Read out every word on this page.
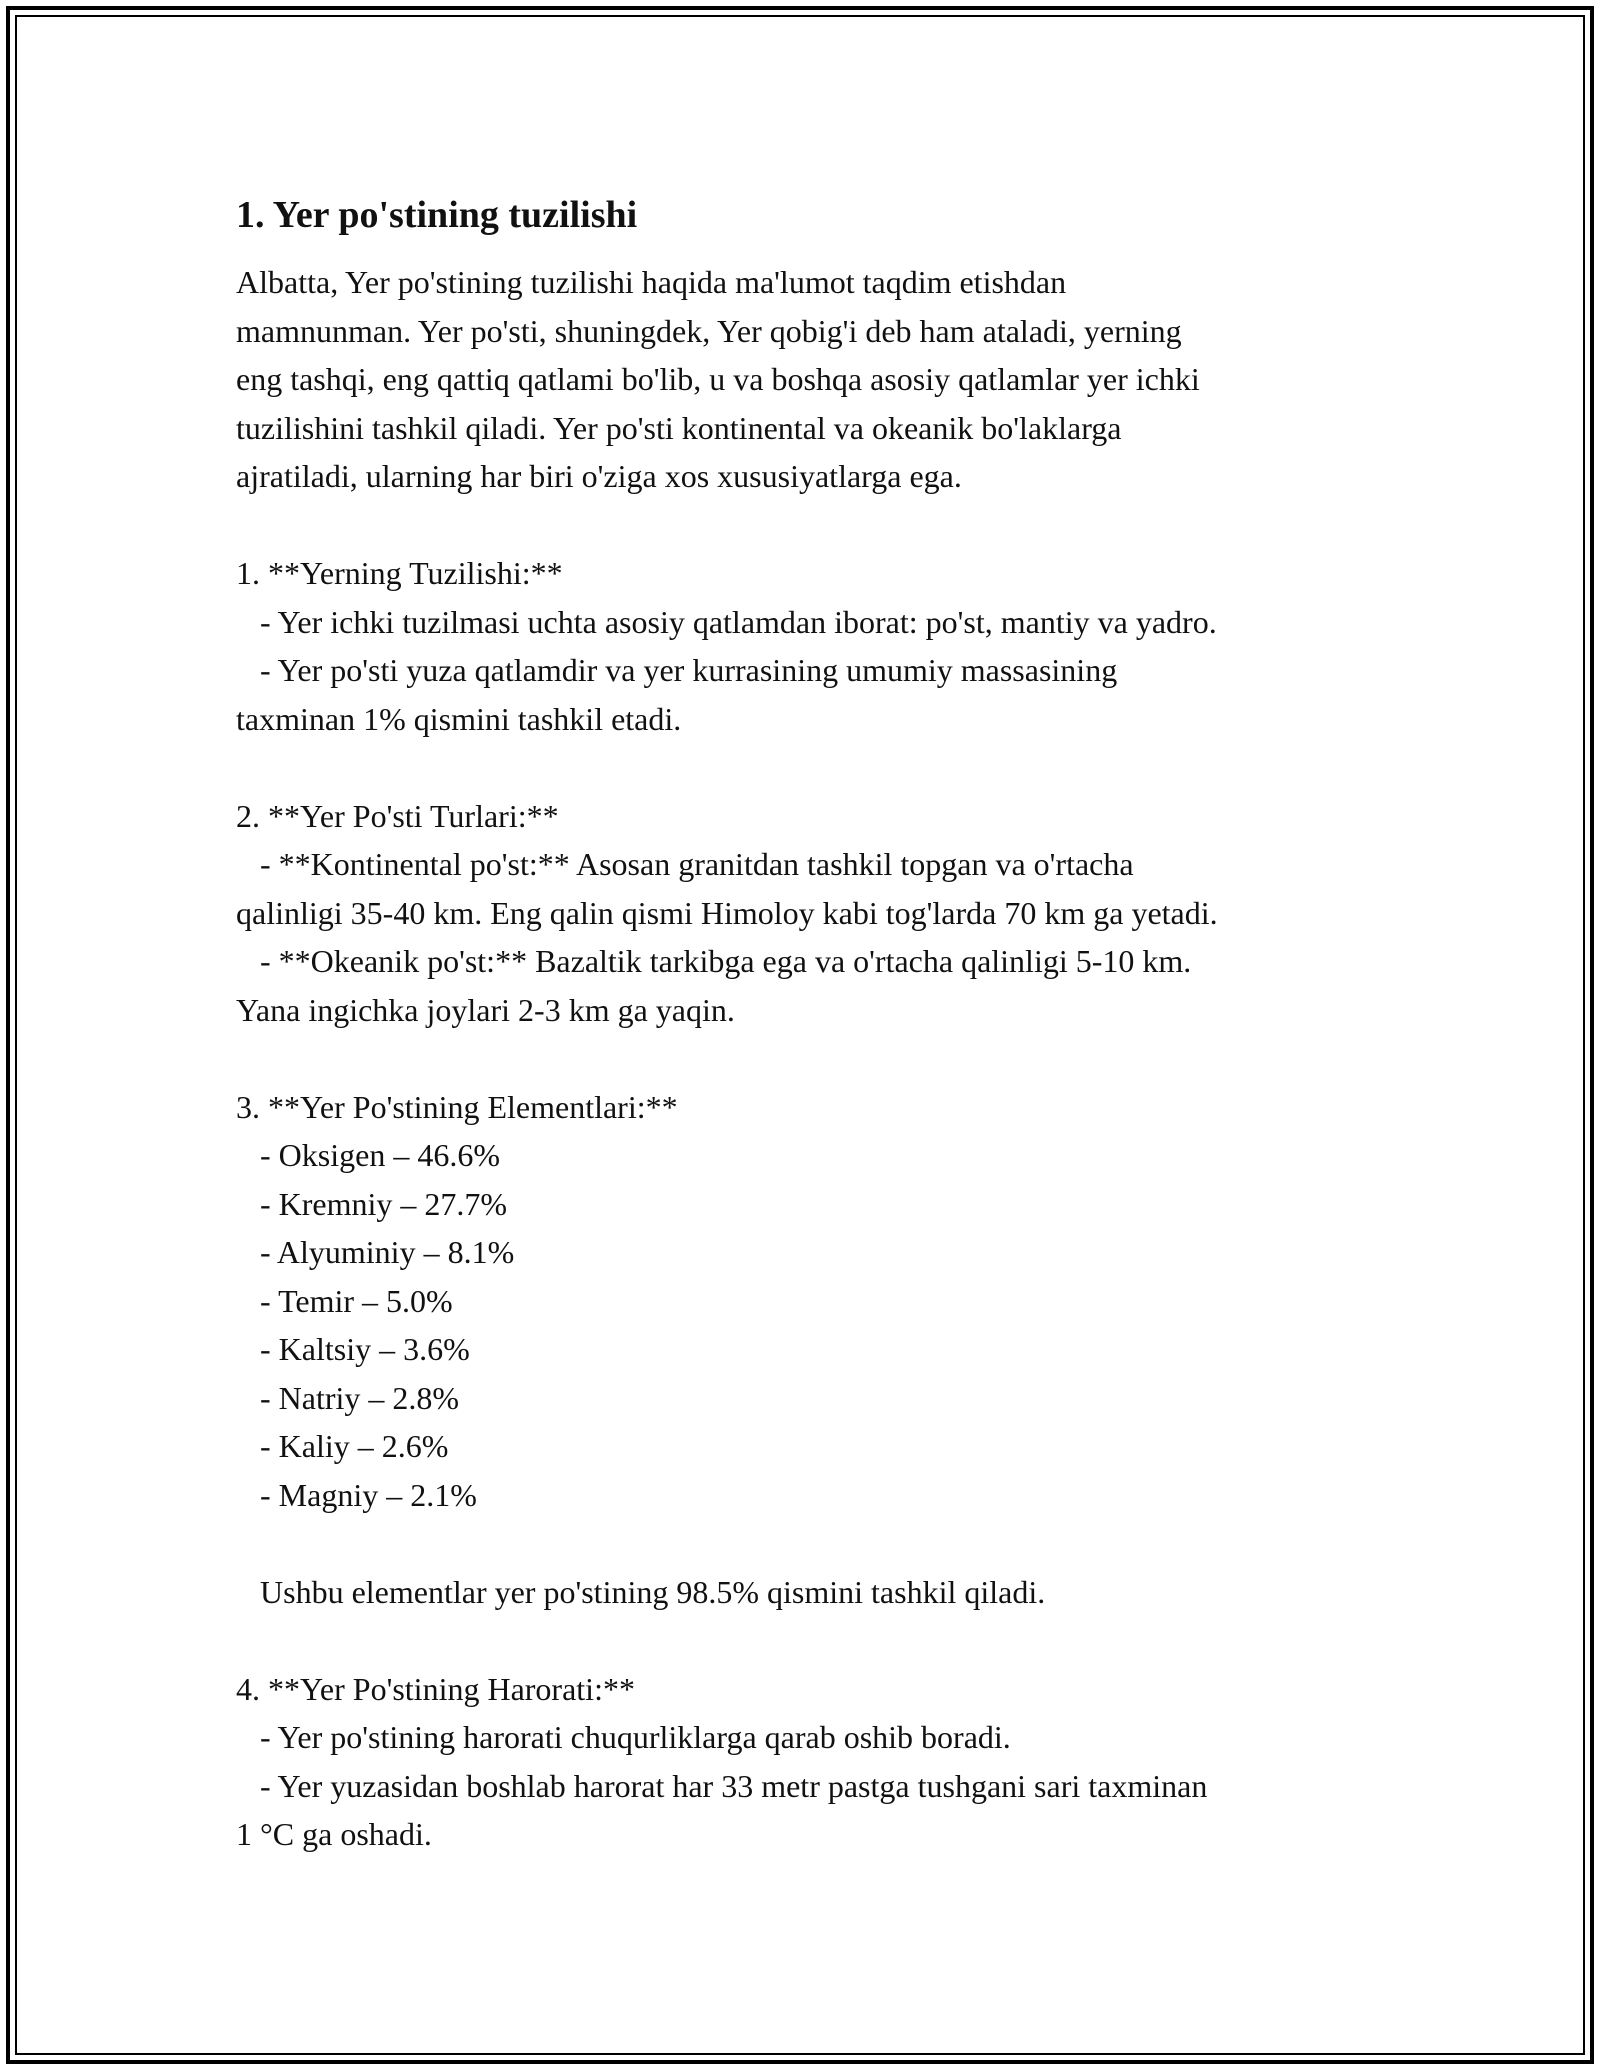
1. Yer po'stining tuzilishi

Albatta, Yer po'stining tuzilishi haqida ma'lumot taqdim etishdan

mamnunman. Yer po'sti, shuningdek, Yer qobig'i deb ham ataladi, yerning

eng tashqi, eng qattiq qatlami bo'lib, u va boshqa asosiy qatlamlar yer ichki

tuzilishini tashkil qiladi. Yer po'sti kontinental va okeanik bo'laklarga

ajratiladi, ularning har biri o'ziga xos xususiyatlarga ega.

1. **Yerning Tuzilishi:**

- Yer ichki tuzilmasi uchta asosiy qatlamdan iborat: po'st, mantiy va yadro.

- Yer po'sti yuza qatlamdir va yer kurrasining umumiy massasining

taxminan 1% qismini tashkil etadi.

2. **Yer Po'sti Turlari:**

- **Kontinental po'st:** Asosan granitdan tashkil topgan va o'rtacha

qalinligi 35-40 km. Eng qalin qismi Himoloy kabi tog'larda 70 km ga yetadi.

- **Okeanik po'st:** Bazaltik tarkibga ega va o'rtacha qalinligi 5-10 km.

Yana ingichka joylari 2-3 km ga yaqin.

3. **Yer Po'stining Elementlari:**

- Oksigen – 46.6%

- Kremniy – 27.7%

- Alyuminiy – 8.1%

- Temir – 5.0%

- Kaltsiy – 3.6%

- Natriy – 2.8%

- Kaliy – 2.6%

- Magniy – 2.1%

Ushbu elementlar yer po'stining 98.5% qismini tashkil qiladi.

4. **Yer Po'stining Harorati:**

- Yer po'stining harorati chuqurliklarga qarab oshib boradi.

- Yer yuzasidan boshlab harorat har 33 metr pastga tushgani sari taxminan

1 °C ga oshadi.
